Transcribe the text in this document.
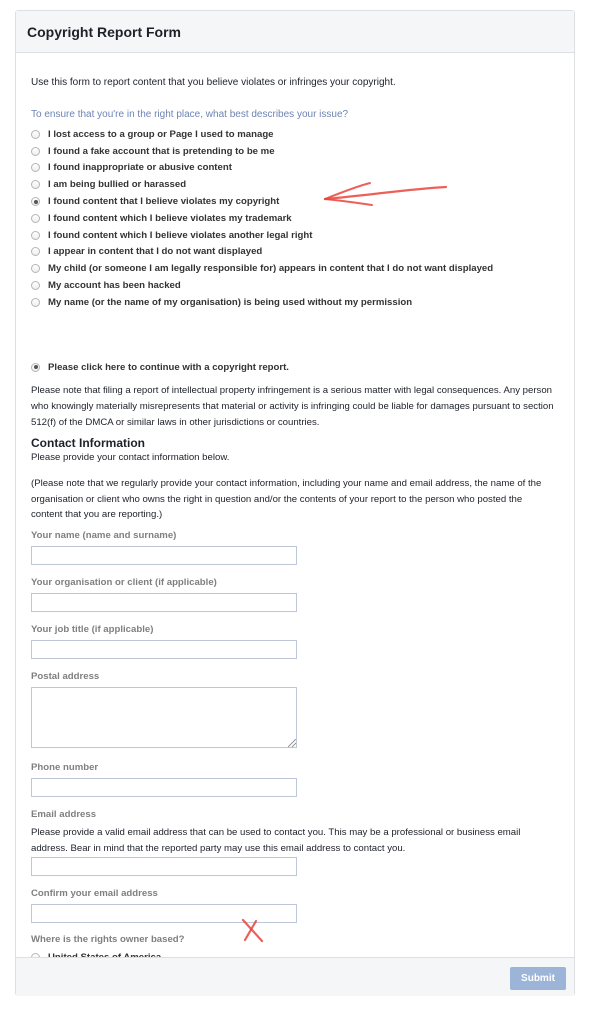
Copyright Report Form
Use this form to report content that you believe violates or infringes your copyright.
To ensure that you're in the right place, what best describes your issue?
I lost access to a group or Page I used to manage
I found a fake account that is pretending to be me
I found inappropriate or abusive content
I am being bullied or harassed
I found content that I believe violates my copyright
I found content which I believe violates my trademark
I found content which I believe violates another legal right
I appear in content that I do not want displayed
My child (or someone I am legally responsible for) appears in content that I do not want displayed
My account has been hacked
My name (or the name of my organisation) is being used without my permission
Please click here to continue with a copyright report.
Please note that filing a report of intellectual property infringement is a serious matter with legal consequences. Any person who knowingly materially misrepresents that material or activity is infringing could be liable for damages pursuant to section 512(f) of the DMCA or similar laws in other jurisdictions or countries.
Contact Information
Please provide your contact information below.
(Please note that we regularly provide your contact information, including your name and email address, the name of the organisation or client who owns the right in question and/or the contents of your report to the person who posted the content that you are reporting.)
Your name (name and surname)
Your organisation or client (if applicable)
Your job title (if applicable)
Postal address
Phone number
Email address
Please provide a valid email address that can be used to contact you. This may be a professional or business email address. Bear in mind that the reported party may use this email address to contact you.
Confirm your email address
Where is the rights owner based?
Submit
